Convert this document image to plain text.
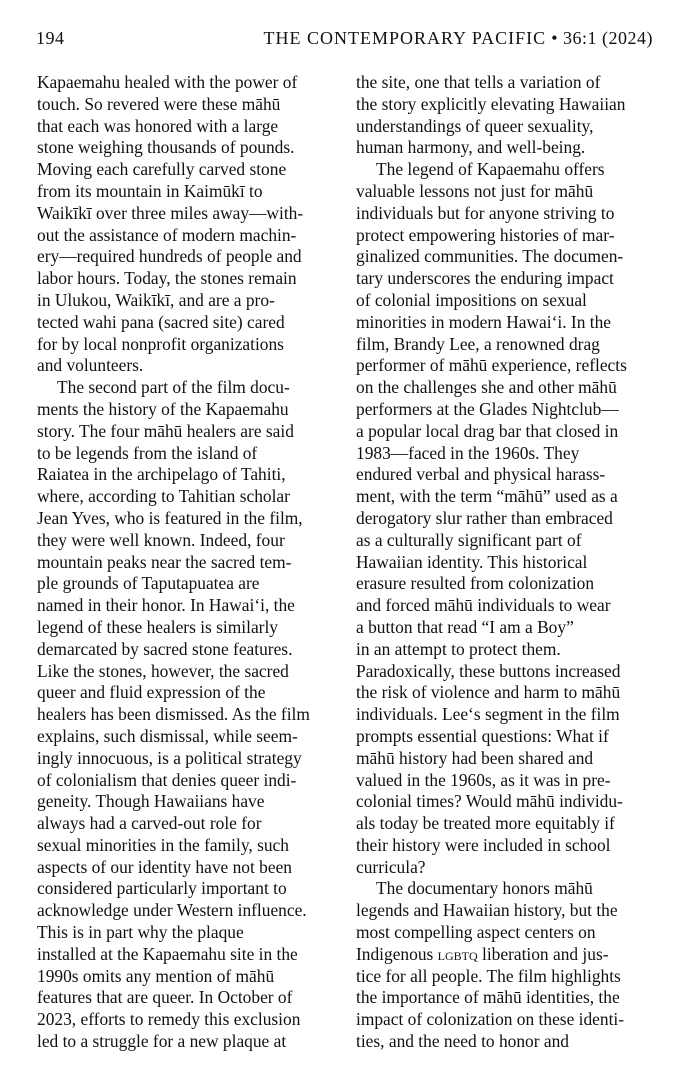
194	THE CONTEMPORARY PACIFIC • 36:1 (2024)
Kapaemahu healed with the power of
touch. So revered were these māhū
that each was honored with a large
stone weighing thousands of pounds.
Moving each carefully carved stone
from its mountain in Kaimūkī to
Waikīkī over three miles away—with-
out the assistance of modern machin-
ery—required hundreds of people and
labor hours. Today, the stones remain
in Ulukou, Waikīkī, and are a pro-
tected wahi pana (sacred site) cared
for by local nonprofit organizations
and volunteers.
The second part of the film docu-
ments the history of the Kapaemahu
story. The four māhū healers are said
to be legends from the island of
Raiatea in the archipelago of Tahiti,
where, according to Tahitian scholar
Jean Yves, who is featured in the film,
they were well known. Indeed, four
mountain peaks near the sacred tem-
ple grounds of Taputapuatea are
named in their honor. In Hawai‘i, the
legend of these healers is similarly
demarcated by sacred stone features.
Like the stones, however, the sacred
queer and fluid expression of the
healers has been dismissed. As the film
explains, such dismissal, while seem-
ingly innocuous, is a political strategy
of colonialism that denies queer indi-
geneity. Though Hawaiians have
always had a carved-out role for
sexual minorities in the family, such
aspects of our identity have not been
considered particularly important to
acknowledge under Western influence.
This is in part why the plaque
installed at the Kapaemahu site in the
1990s omits any mention of māhū
features that are queer. In October of
2023, efforts to remedy this exclusion
led to a struggle for a new plaque at
the site, one that tells a variation of
the story explicitly elevating Hawaiian
understandings of queer sexuality,
human harmony, and well-being.
The legend of Kapaemahu offers
valuable lessons not just for māhū
individuals but for anyone striving to
protect empowering histories of mar-
ginalized communities. The documen-
tary underscores the enduring impact
of colonial impositions on sexual
minorities in modern Hawai‘i. In the
film, Brandy Lee, a renowned drag
performer of māhū experience, reflects
on the challenges she and other māhū
performers at the Glades Nightclub—
a popular local drag bar that closed in
1983—faced in the 1960s. They
endured verbal and physical harass-
ment, with the term “māhū” used as a
derogatory slur rather than embraced
as a culturally significant part of
Hawaiian identity. This historical
erasure resulted from colonization
and forced māhū individuals to wear
a button that read “I am a Boy”
in an attempt to protect them.
Paradoxically, these buttons increased
the risk of violence and harm to māhū
individuals. Lee‘s segment in the film
prompts essential questions: What if
māhū history had been shared and
valued in the 1960s, as it was in pre-
colonial times? Would māhū individu-
als today be treated more equitably if
their history were included in school
curricula?
The documentary honors māhū
legends and Hawaiian history, but the
most compelling aspect centers on
Indigenous lgbtq liberation and jus-
tice for all people. The film highlights
the importance of māhū identities, the
impact of colonization on these identi-
ties, and the need to honor and
